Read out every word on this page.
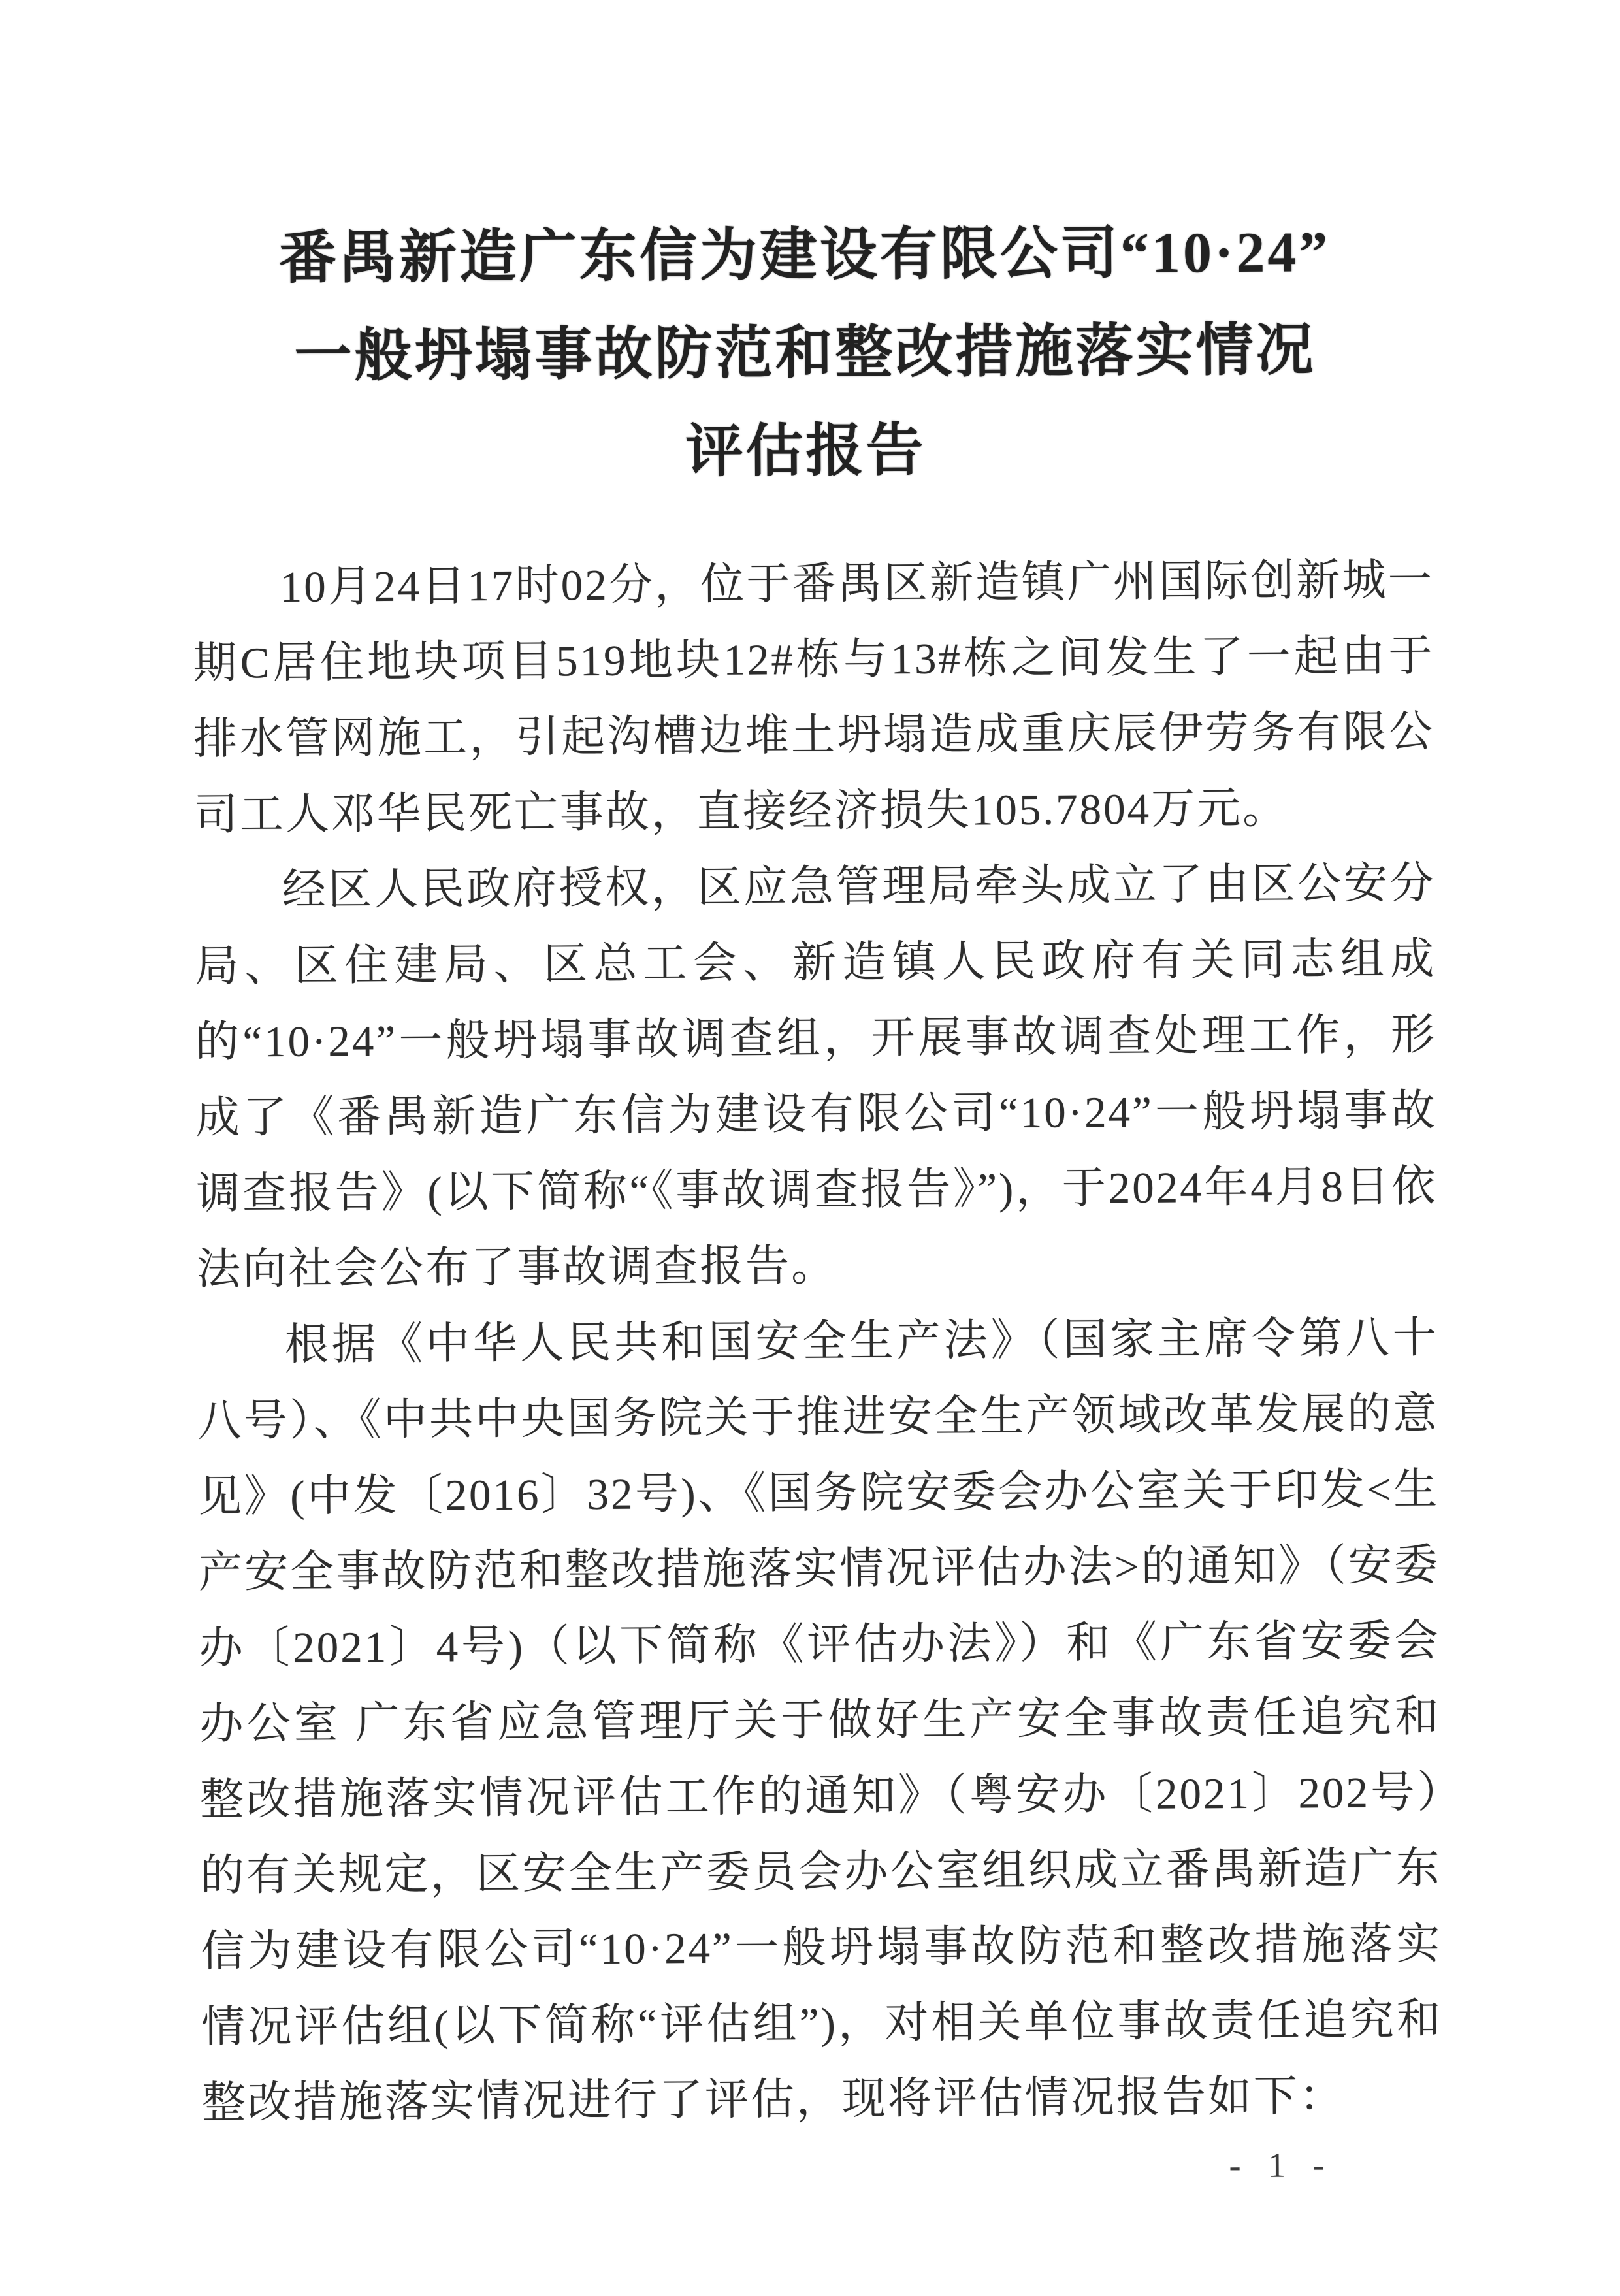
番禺新造广东信为建设有限公司“10·24”
一般坍塌事故防范和整改措施落实情况
评估报告

10月24日17时02分，位于番禺区新造镇广州国际创新城一期C居住地块项目519地块12#栋与13#栋之间发生了一起由于排水管网施工，引起沟槽边堆土坍塌造成重庆辰伊劳务有限公司工人邓华民死亡事故，直接经济损失105.7804万元。

经区人民政府授权，区应急管理局牵头成立了由区公安分局、区住建局、区总工会、新造镇人民政府有关同志组成的“10·24”一般坍塌事故调查组，开展事故调查处理工作，形成了《番禺新造广东信为建设有限公司“10·24”一般坍塌事故调查报告》(以下简称“《事故调查报告》”)，于2024年4月8日依法向社会公布了事故调查报告。

根据《中华人民共和国安全生产法》（国家主席令第八十八号）、《中共中央国务院关于推进安全生产领域改革发展的意见》(中发〔2016〕32号)、《国务院安委会办公室关于印发<生产安全事故防范和整改措施落实情况评估办法>的通知》（安委办〔2021〕4号)（以下简称《评估办法》）和《广东省安委会办公室 广东省应急管理厅关于做好生产安全事故责任追究和整改措施落实情况评估工作的通知》（粤安办〔2021〕202号）的有关规定，区安全生产委员会办公室组织成立番禺新造广东信为建设有限公司“10·24”一般坍塌事故防范和整改措施落实情况评估组(以下简称“评估组”)，对相关单位事故责任追究和整改措施落实情况进行了评估，现将评估情况报告如下：

- 1 -
